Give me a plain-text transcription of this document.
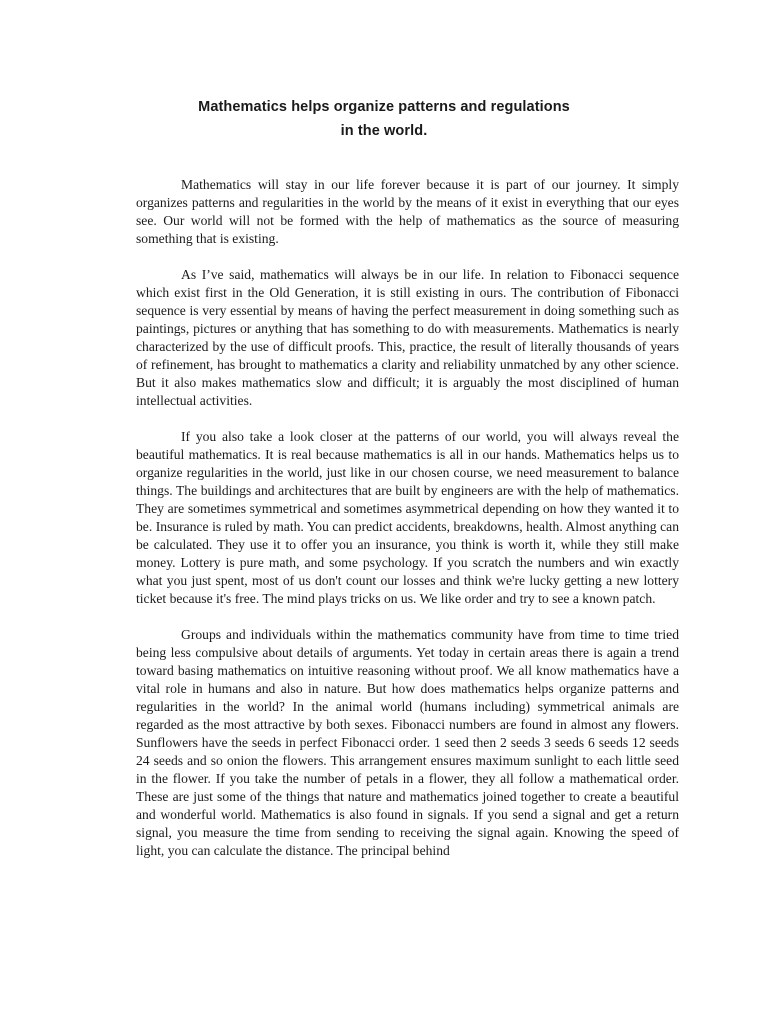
Mathematics helps organize patterns and regulations
in the world.

Mathematics will stay in our life forever because it is part of our journey. It simply organizes patterns and regularities in the world by the means of it exist in everything that our eyes see. Our world will not be formed with the help of mathematics as the source of measuring something that is existing.

As I’ve said, mathematics will always be in our life. In relation to Fibonacci sequence which exist first in the Old Generation, it is still existing in ours. The contribution of Fibonacci sequence is very essential by means of having the perfect measurement in doing something such as paintings, pictures or anything that has something to do with measurements. Mathematics is nearly characterized by the use of difficult proofs. This, practice, the result of literally thousands of years of refinement, has brought to mathematics a clarity and reliability unmatched by any other science. But it also makes mathematics slow and difficult; it is arguably the most disciplined of human intellectual activities.

If you also take a look closer at the patterns of our world, you will always reveal the beautiful mathematics. It is real because mathematics is all in our hands. Mathematics helps us to organize regularities in the world, just like in our chosen course, we need measurement to balance things. The buildings and architectures that are built by engineers are with the help of mathematics. They are sometimes symmetrical and sometimes asymmetrical depending on how they wanted it to be. Insurance is ruled by math. You can predict accidents, breakdowns, health. Almost anything can be calculated. They use it to offer you an insurance, you think is worth it, while they still make money. Lottery is pure math, and some psychology. If you scratch the numbers and win exactly what you just spent, most of us don't count our losses and think we're lucky getting a new lottery ticket because it's free. The mind plays tricks on us. We like order and try to see a known patch.

Groups and individuals within the mathematics community have from time to time tried being less compulsive about details of arguments. Yet today in certain areas there is again a trend toward basing mathematics on intuitive reasoning without proof. We all know mathematics have a vital role in humans and also in nature. But how does mathematics helps organize patterns and regularities in the world? In the animal world (humans including) symmetrical animals are regarded as the most attractive by both sexes. Fibonacci numbers are found in almost any flowers. Sunflowers have the seeds in perfect Fibonacci order. 1 seed then 2 seeds 3 seeds 6 seeds 12 seeds 24 seeds and so onion the flowers. This arrangement ensures maximum sunlight to each little seed in the flower. If you take the number of petals in a flower, they all follow a mathematical order. These are just some of the things that nature and mathematics joined together to create a beautiful and wonderful world. Mathematics is also found in signals. If you send a signal and get a return signal, you measure the time from sending to receiving the signal again. Knowing the speed of light, you can calculate the distance. The principal behind
